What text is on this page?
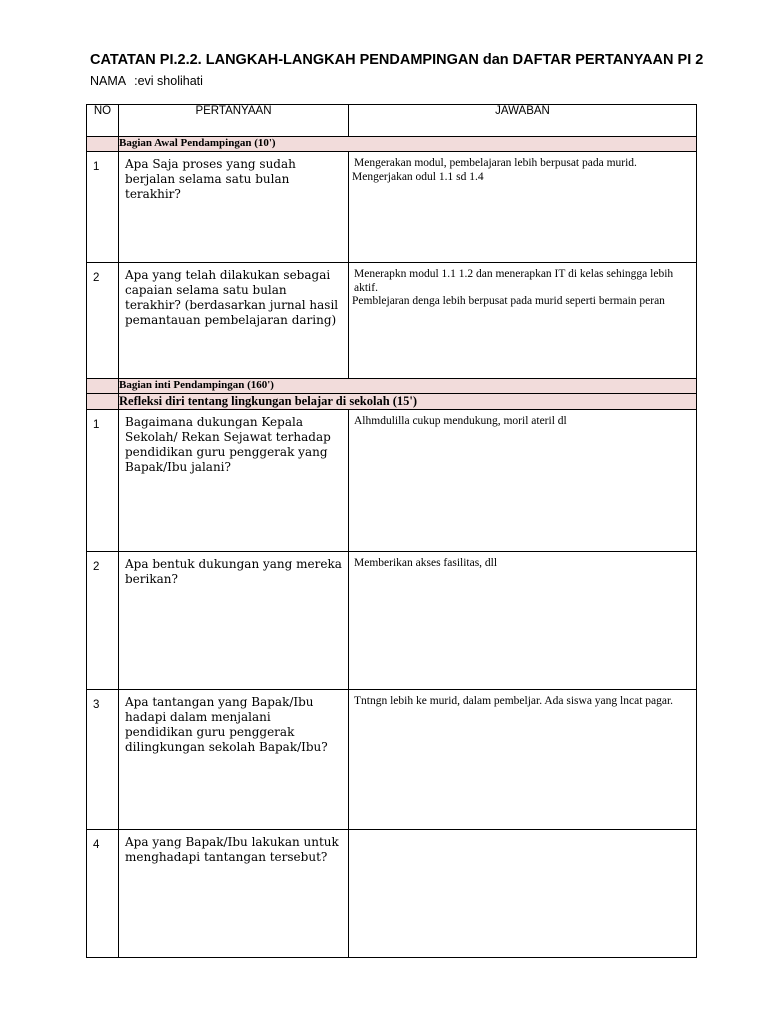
CATATAN PI.2.2. LANGKAH-LANGKAH PENDAMPINGAN dan DAFTAR PERTANYAAN PI 2
NAMA :evi sholihati
NO	PERTANYAAN	JAWABAN
	Bagian Awal Pendampingan (10')	
1	Apa Saja proses yang sudah berjalan selama satu bulan terakhir?	Mengerakan modul, pembelajaran lebih berpusat pada murid.
Mengerjakan odul 1.1 sd 1.4

2	Apa yang telah dilakukan sebagai capaian selama satu bulan terakhir? (berdasarkan jurnal hasil pemantauan pembelajaran daring)	Menerapkn modul 1.1 1.2 dan menerapkan IT di kelas sehingga lebih aktif.
Pemblejaran denga lebih berpusat pada murid seperti bermain peran

	Bagian inti Pendampingan (160')	
	Refleksi diri tentang lingkungan belajar di sekolah (15')	
1	Bagaimana dukungan Kepala Sekolah/ Rekan Sejawat terhadap pendidikan guru penggerak yang Bapak/Ibu jalani?	Alhmdulilla cukup mendukung, moril ateril dl

2	Apa bentuk dukungan yang mereka berikan?	Memberikan akses fasilitas, dll

3	Apa tantangan yang Bapak/Ibu hadapi dalam menjalani pendidikan guru penggerak dilingkungan sekolah Bapak/Ibu?	Tntngn lebih ke murid, dalam pembeljar. Ada siswa yang lncat pagar.

4	Apa yang Bapak/Ibu lakukan untuk menghadapi tantangan tersebut?	
